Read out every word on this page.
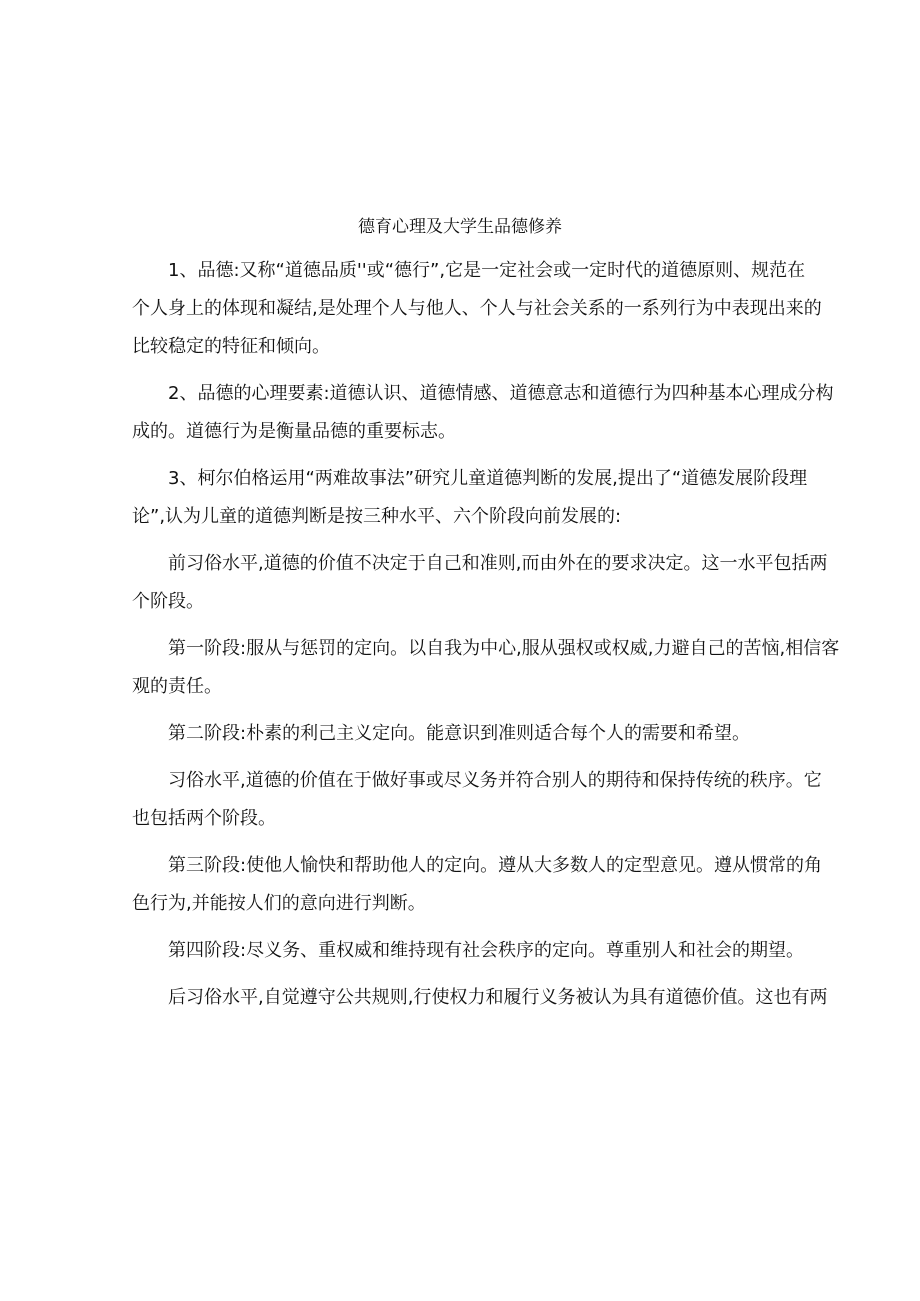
德育心理及大学生品德修养
1、品德:又称“道德品质''或“德行”,它是一定社会或一定时代的道德原则、规范在
个人身上的体现和凝结,是处理个人与他人、个人与社会关系的一系列行为中表现出来的
比较稳定的特征和倾向。
2、品德的心理要素:道德认识、道德情感、道德意志和道德行为四种基本心理成分构
成的。道德行为是衡量品德的重要标志。
3、柯尔伯格运用“两难故事法”研究儿童道德判断的发展,提出了“道德发展阶段理
论”,认为儿童的道德判断是按三种水平、六个阶段向前发展的:
前习俗水平,道德的价值不决定于自己和准则,而由外在的要求决定。这一水平包括两
个阶段。
第一阶段:服从与惩罚的定向。以自我为中心,服从强权或权威,力避自己的苦恼,相信客
观的责任。
第二阶段:朴素的利己主义定向。能意识到准则适合每个人的需要和希望。
习俗水平,道德的价值在于做好事或尽义务并符合别人的期待和保持传统的秩序。它
也包括两个阶段。
第三阶段:使他人愉快和帮助他人的定向。遵从大多数人的定型意见。遵从惯常的角
色行为,并能按人们的意向进行判断。
第四阶段:尽义务、重权威和维持现有社会秩序的定向。尊重别人和社会的期望。
后习俗水平,自觉遵守公共规则,行使权力和履行义务被认为具有道德价值。这也有两
